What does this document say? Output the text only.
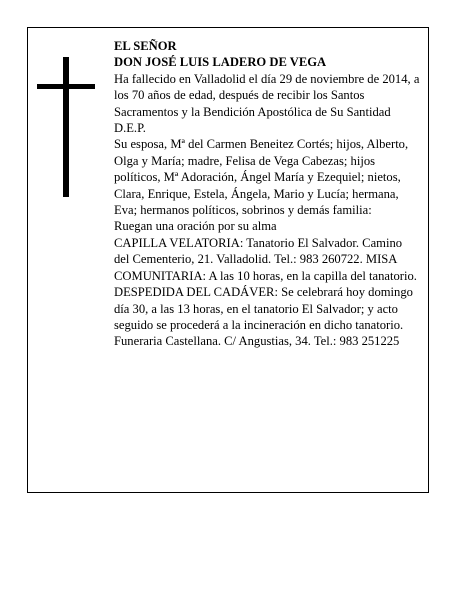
EL SEÑOR

DON JOSÉ LUIS LADERO DE VEGA

Ha fallecido en Valladolid el día 29 de noviembre de 2014, a los 70 años de edad, después de recibir los Santos Sacramentos y la Bendición Apostólica de Su Santidad

D.E.P.

Su esposa, Mª del Carmen Beneitez Cortés; hijos, Alberto, Olga y María; madre, Felisa de Vega Cabezas; hijos políticos, Mª Adoración, Ángel María y Ezequiel; nietos, Clara, Enrique, Estela, Ángela, Mario y Lucía; hermana, Eva; hermanos políticos, sobrinos y demás familia:

Ruegan una oración por su alma

CAPILLA VELATORIA: Tanatorio El Salvador. Camino del Cementerio, 21. Valladolid. Tel.: 983 260722. MISA COMUNITARIA: A las 10 horas, en la capilla del tanatorio.

DESPEDIDA DEL CADÁVER: Se celebrará hoy domingo día 30, a las 13 horas, en el tanatorio El Salvador; y acto seguido se procederá a la incineración en dicho tanatorio.

Funeraria Castellana. C/ Angustias, 34. Tel.: 983 251225
